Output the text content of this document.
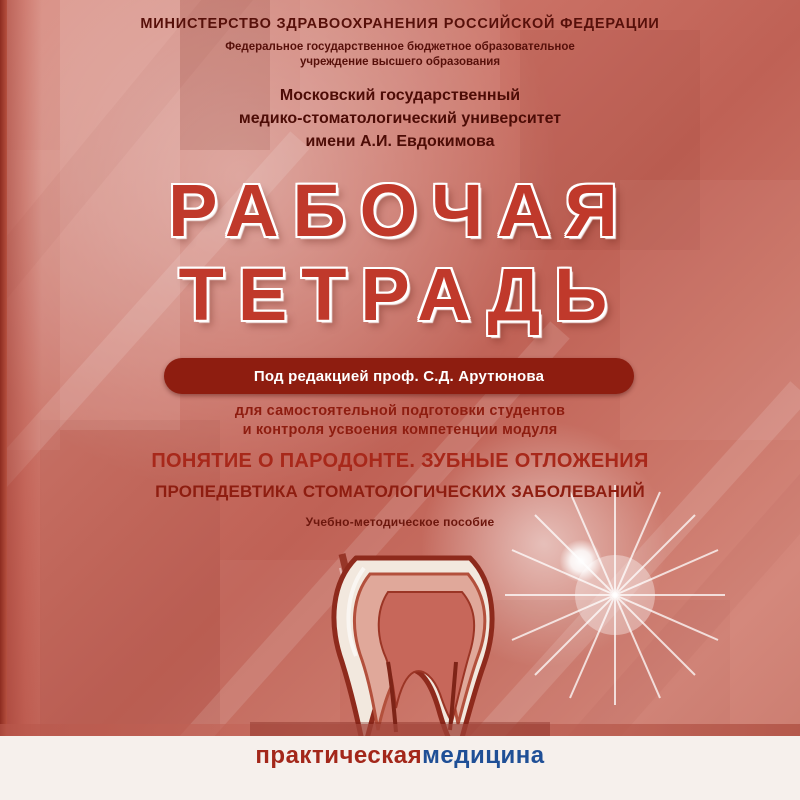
МИНИСТЕРСТВО ЗДРАВООХРАНЕНИЯ РОССИЙСКОЙ ФЕДЕРАЦИИ
Федеральное государственное бюджетное образовательное
учреждение высшего образования
Московский государственный
медико-стоматологический университет
имени А.И. Евдокимова
РАБОЧАЯ
ТЕТРАДЬ
Под редакцией проф. С.Д. Арутюнова
для самостоятельной подготовки студентов
и контроля усвоения компетенции модуля
ПОНЯТИЕ О ПАРОДОНТЕ. ЗУБНЫЕ ОТЛОЖЕНИЯ
ПРОПЕДЕВТИКА СТОМАТОЛОГИЧЕСКИХ ЗАБОЛЕВАНИЙ
Учебно-методическое пособие
практическаямедицина
